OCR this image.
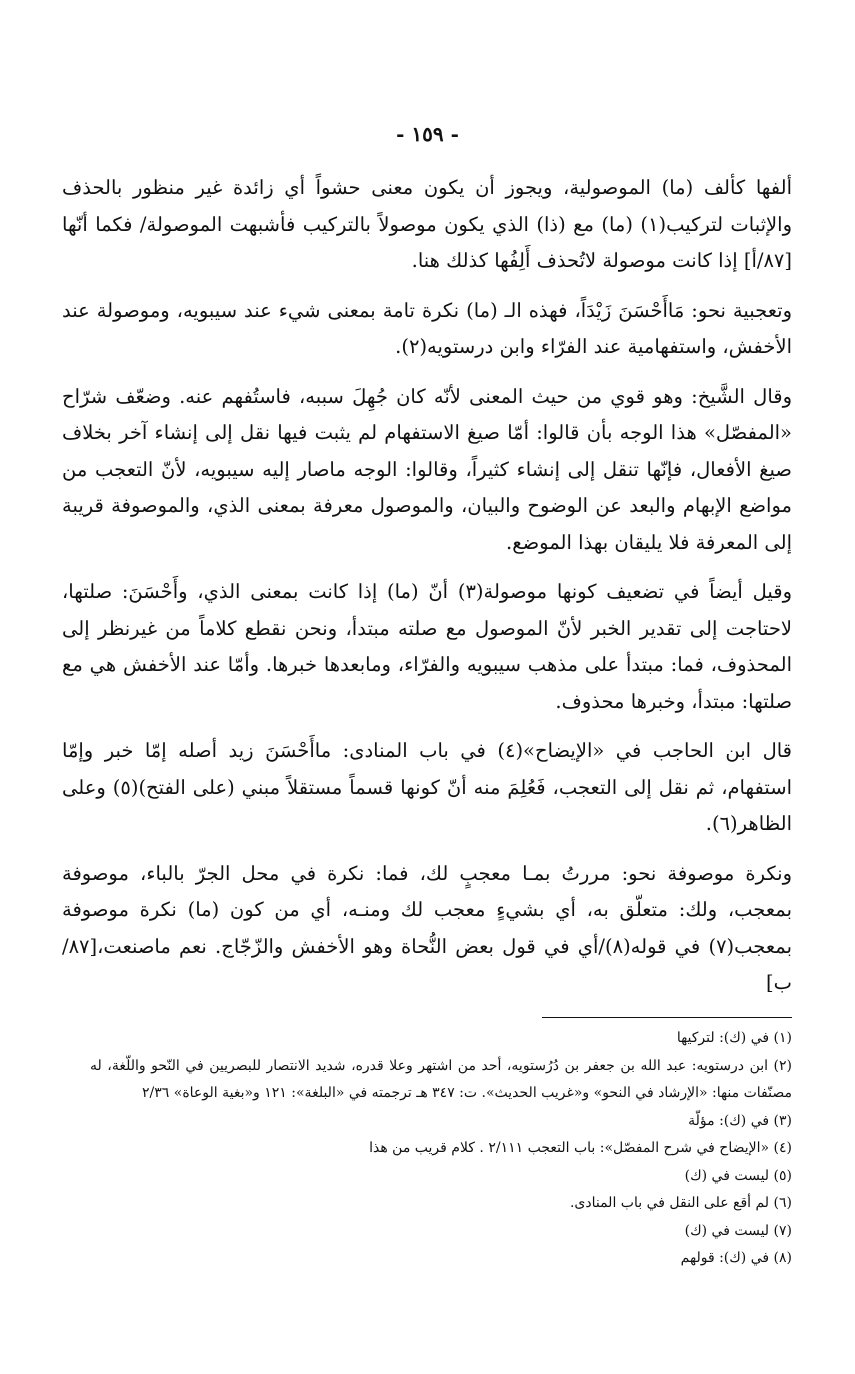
- ١٥٩ -

ألفها كألف (ما) الموصولية، ويجوز أن يكون معنى حشواً أي زائدة غير منظور بالحذف والإثبات لتركيب(١) (ما) مع (ذا) الذي يكون موصولاً بالتركيب فأشبهت الموصولة/ فكما أنّها [٨٧/أ] إذا كانت موصولة لاتُحذف أَلِفُها كذلك هنا.

وتعجبية نحو: مَاأَحْسَنَ زَيْدَاً، فهذه الـ (ما) نكرة تامة بمعنى شيء عند سيبويه، وموصولة عند الأخفش، واستفهامية عند الفرّاء وابن درستويه(٢).

وقال الشَّيخ: وهو قوي من حيث المعنى لأنّه كان جُهِلَ سببه، فاستُفهم عنه. وضعّف شرّاح «المفصّل» هذا الوجه بأن قالوا: أمّا صيغ الاستفهام لم يثبت فيها نقل إلى إنشاء آخر بخلاف صيغ الأفعال، فإنّها تنقل إلى إنشاء كثيراً، وقالوا: الوجه ماصار إليه سيبويه، لأنّ التعجب من مواضع الإبهام والبعد عن الوضوح والبيان، والموصول معرفة بمعنى الذي، والموصوفة قريبة إلى المعرفة فلا يليقان بهذا الموضع.

وقيل أيضاً في تضعيف كونها موصولة(٣) أنّ (ما) إذا كانت بمعنى الذي، وأَحْسَنَ: صلتها، لاحتاجت إلى تقدير الخبر لأنّ الموصول مع صلته مبتدأ، ونحن نقطع كلاماً من غيرنظر إلى المحذوف، فما: مبتدأ على مذهب سيبويه والفرّاء، ومابعدها خبرها. وأمّا عند الأخفش هي مع صلتها: مبتدأ، وخبرها محذوف.

قال ابن الحاجب في «الإيضاح»(٤) في باب المنادى: ماأَحْسَنَ زيد أصله إمّا خبر وإمّا استفهام، ثم نقل إلى التعجب، فَعُلِمَ منه أنّ كونها قسماً مستقلاً مبني (على الفتح)(٥) وعلى الظاهر(٦).

ونكرة موصوفة نحو: مررتُ بمـا معجبٍ لك، فما: نكرة في محل الجرّ بالباء، موصوفة بمعجب، ولك: متعلّق به، أي بشيءٍ معجب لك ومنـه، أي من كون (ما) نكرة موصوفة بمعجب(٧) في قوله(٨)/أي في قول بعض النُّحاة وهو الأخفش والزّجّاج. نعم ماصنعت،[٨٧/ب]

(١) في (ك): لتركيها

(٢) ابن درستويه: عبد الله بن جعفر بن دُرُستويه، أحد من اشتهر وعلا قدره، شديد الانتصار للبصريين في النّحو واللّغة، له مصنّفات منها: «الإرشاد في النحو» و«غريب الحديث». ت: ٣٤٧ هـ ترجمته في «البلغة»: ١٢١ و«بغية الوعاة» ٢/٣٦

(٣) في (ك): مؤلّة

(٤) «الإيضاح في شرح المفصّل»: باب التعجب ٢/١١١ . كلام قريب من هذا

(٥) ليست في (ك)

(٦) لم أقع على النقل في باب المنادى.

(٧) ليست في (ك)

(٨) في (ك): قولهم
